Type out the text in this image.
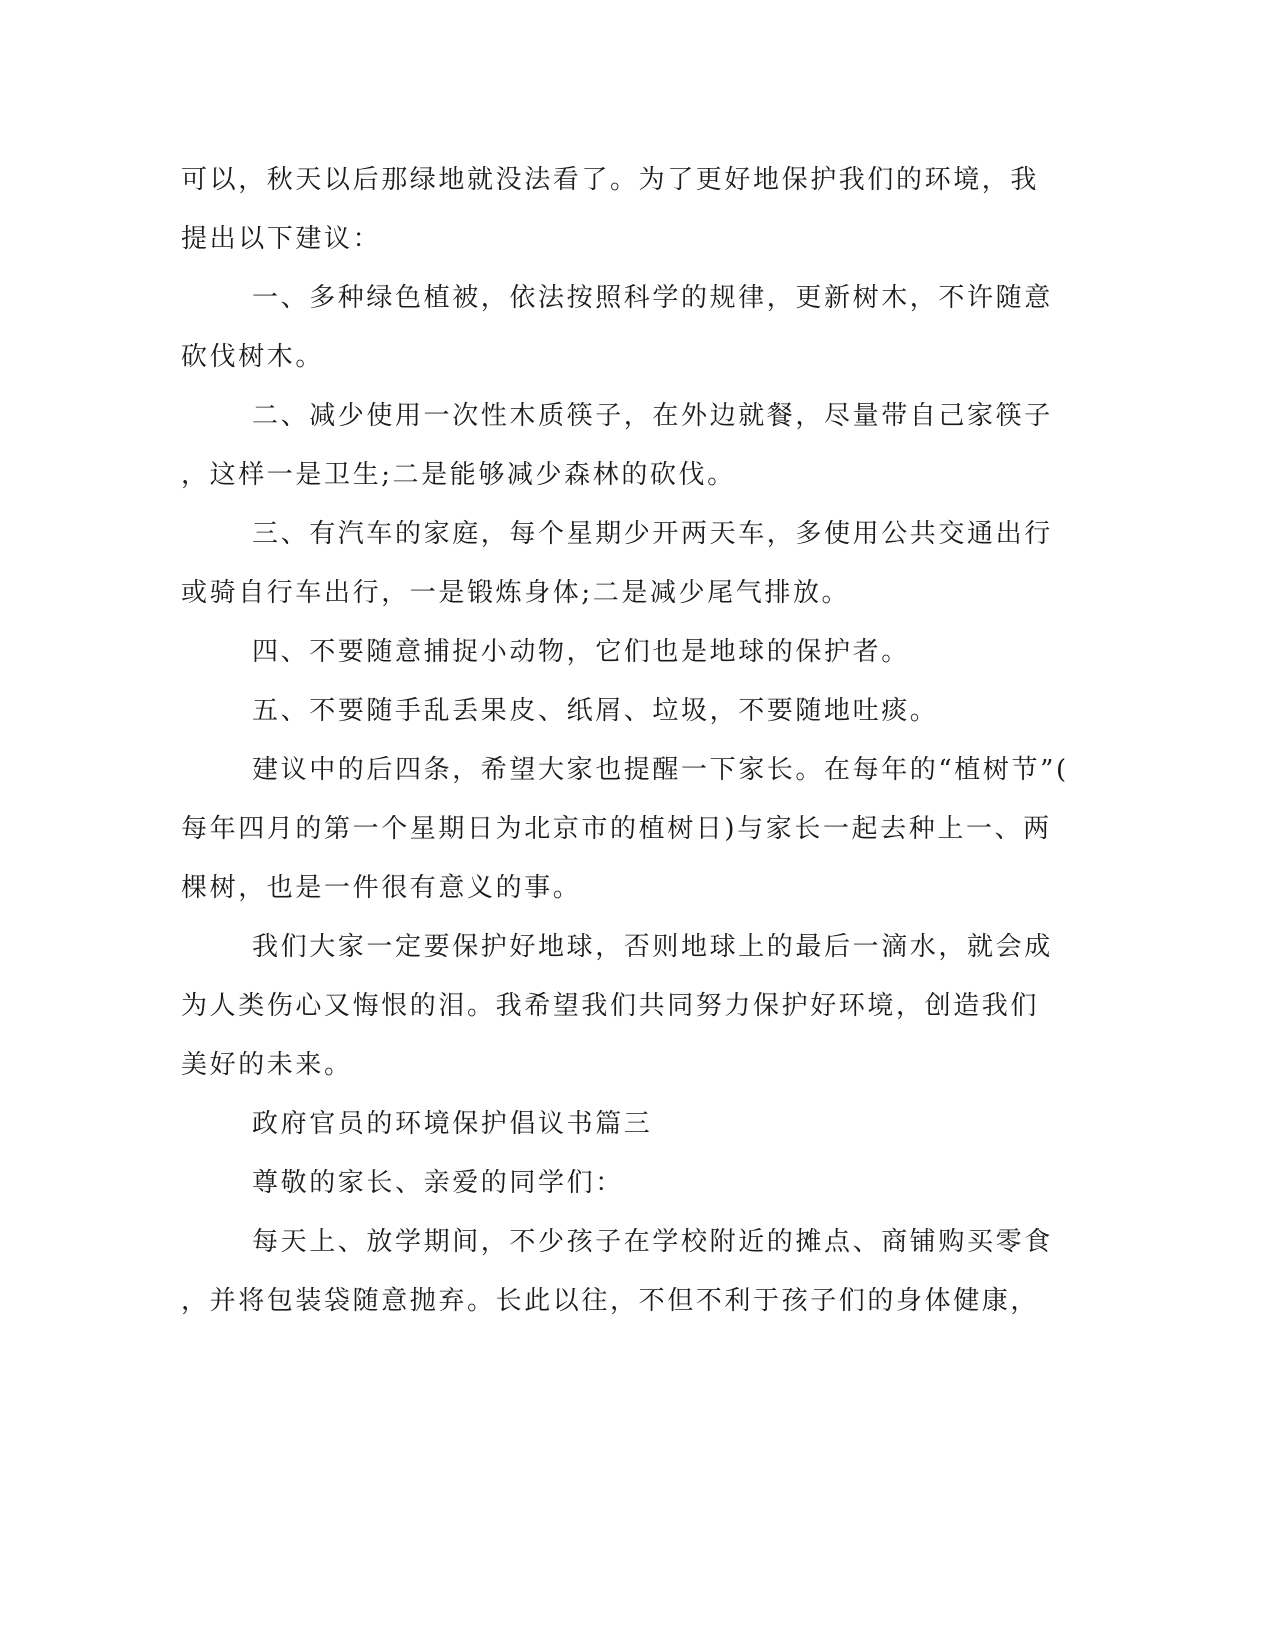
可以，秋天以后那绿地就没法看了。为了更好地保护我们的环境，我
提出以下建议：
一、多种绿色植被，依法按照科学的规律，更新树木，不许随意
砍伐树木。
二、减少使用一次性木质筷子，在外边就餐，尽量带自己家筷子
，这样一是卫生;二是能够减少森林的砍伐。
三、有汽车的家庭，每个星期少开两天车，多使用公共交通出行
或骑自行车出行，一是锻炼身体;二是减少尾气排放。
四、不要随意捕捉小动物，它们也是地球的保护者。
五、不要随手乱丢果皮、纸屑、垃圾，不要随地吐痰。
建议中的后四条，希望大家也提醒一下家长。在每年的“植树节”(
每年四月的第一个星期日为北京市的植树日)与家长一起去种上一、两
棵树，也是一件很有意义的事。
我们大家一定要保护好地球，否则地球上的最后一滴水，就会成
为人类伤心又悔恨的泪。我希望我们共同努力保护好环境，创造我们
美好的未来。
政府官员的环境保护倡议书篇三
尊敬的家长、亲爱的同学们：
每天上、放学期间，不少孩子在学校附近的摊点、商铺购买零食
，并将包装袋随意抛弃。长此以往，不但不利于孩子们的身体健康，
